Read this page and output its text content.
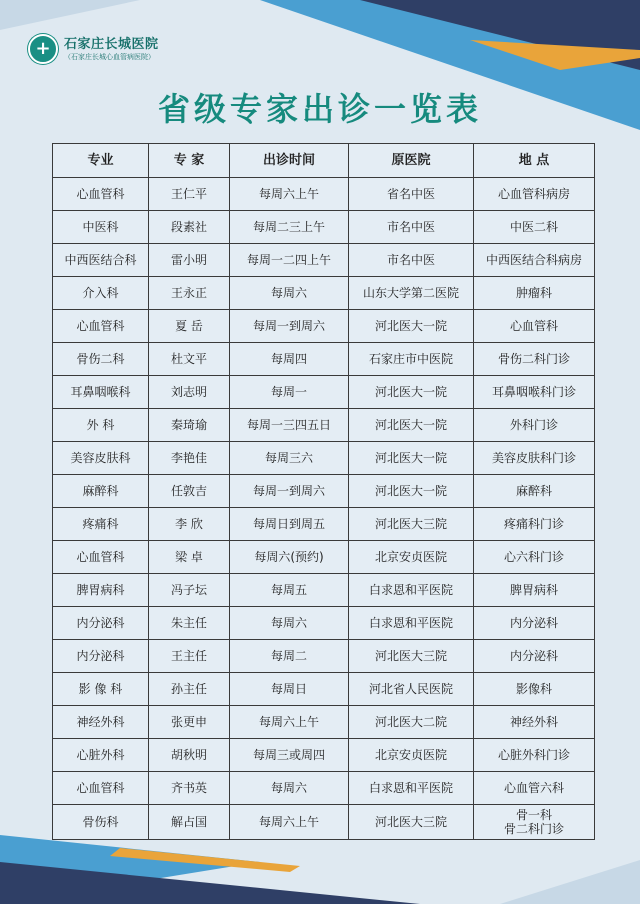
+ 石家庄长城医院
（石家庄长城心血管病医院）
省级专家出诊一览表
专业	专 家	出诊时间	原医院	地 点
心血管科	王仁平	每周六上午	省名中医	心血管科病房
中医科	段素社	每周二三上午	市名中医	中医二科
中西医结合科	雷小明	每周一二四上午	市名中医	中西医结合科病房
介入科	王永正	每周六	山东大学第二医院	肿瘤科
心血管科	夏 岳	每周一到周六	河北医大一院	心血管科
骨伤二科	杜文平	每周四	石家庄市中医院	骨伤二科门诊
耳鼻咽喉科	刘志明	每周一	河北医大一院	耳鼻咽喉科门诊
外 科	秦琦瑜	每周一三四五日	河北医大一院	外科门诊
美容皮肤科	李艳佳	每周三六	河北医大一院	美容皮肤科门诊
麻醉科	任敦吉	每周一到周六	河北医大一院	麻醉科
疼痛科	李 欣	每周日到周五	河北医大三院	疼痛科门诊
心血管科	梁 卓	每周六(预约)	北京安贞医院	心六科门诊
脾胃病科	冯子坛	每周五	白求恩和平医院	脾胃病科
内分泌科	朱主任	每周六	白求恩和平医院	内分泌科
内分泌科	王主任	每周二	河北医大三院	内分泌科
影 像 科	孙主任	每周日	河北省人民医院	影像科
神经外科	张更申	每周六上午	河北医大二院	神经外科
心脏外科	胡秋明	每周三或周四	北京安贞医院	心脏外科门诊
心血管科	齐书英	每周六	白求恩和平医院	心血管六科
骨伤科	解占国	每周六上午	河北医大三院	骨一科
骨二科门诊
